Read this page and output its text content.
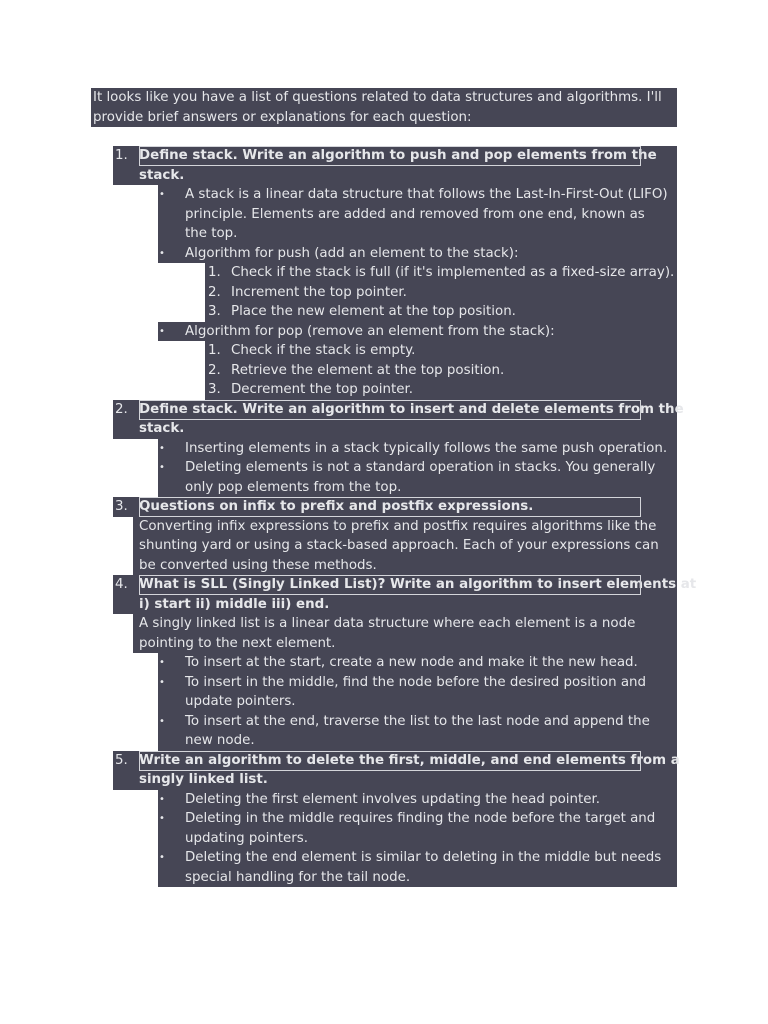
It looks like you have a list of questions related to data structures and algorithms. I'll
provide brief answers or explanations for each question:
1. Define stack. Write an algorithm to push and pop elements from the
stack.
• A stack is a linear data structure that follows the Last-In-First-Out (LIFO)
principle. Elements are added and removed from one end, known as
the top.
• Algorithm for push (add an element to the stack):
1. Check if the stack is full (if it's implemented as a fixed-size array).
2. Increment the top pointer.
3. Place the new element at the top position.
• Algorithm for pop (remove an element from the stack):
1. Check if the stack is empty.
2. Retrieve the element at the top position.
3. Decrement the top pointer.
2. Define stack. Write an algorithm to insert and delete elements from the
stack.
• Inserting elements in a stack typically follows the same push operation.
• Deleting elements is not a standard operation in stacks. You generally
only pop elements from the top.
3. Questions on infix to prefix and postfix expressions.
Converting infix expressions to prefix and postfix requires algorithms like the
shunting yard or using a stack-based approach. Each of your expressions can
be converted using these methods.
4. What is SLL (Singly Linked List)? Write an algorithm to insert elements at
i) start ii) middle iii) end.
A singly linked list is a linear data structure where each element is a node
pointing to the next element.
• To insert at the start, create a new node and make it the new head.
• To insert in the middle, find the node before the desired position and
update pointers.
• To insert at the end, traverse the list to the last node and append the
new node.
5. Write an algorithm to delete the first, middle, and end elements from a
singly linked list.
• Deleting the first element involves updating the head pointer.
• Deleting in the middle requires finding the node before the target and
updating pointers.
• Deleting the end element is similar to deleting in the middle but needs
special handling for the tail node.
